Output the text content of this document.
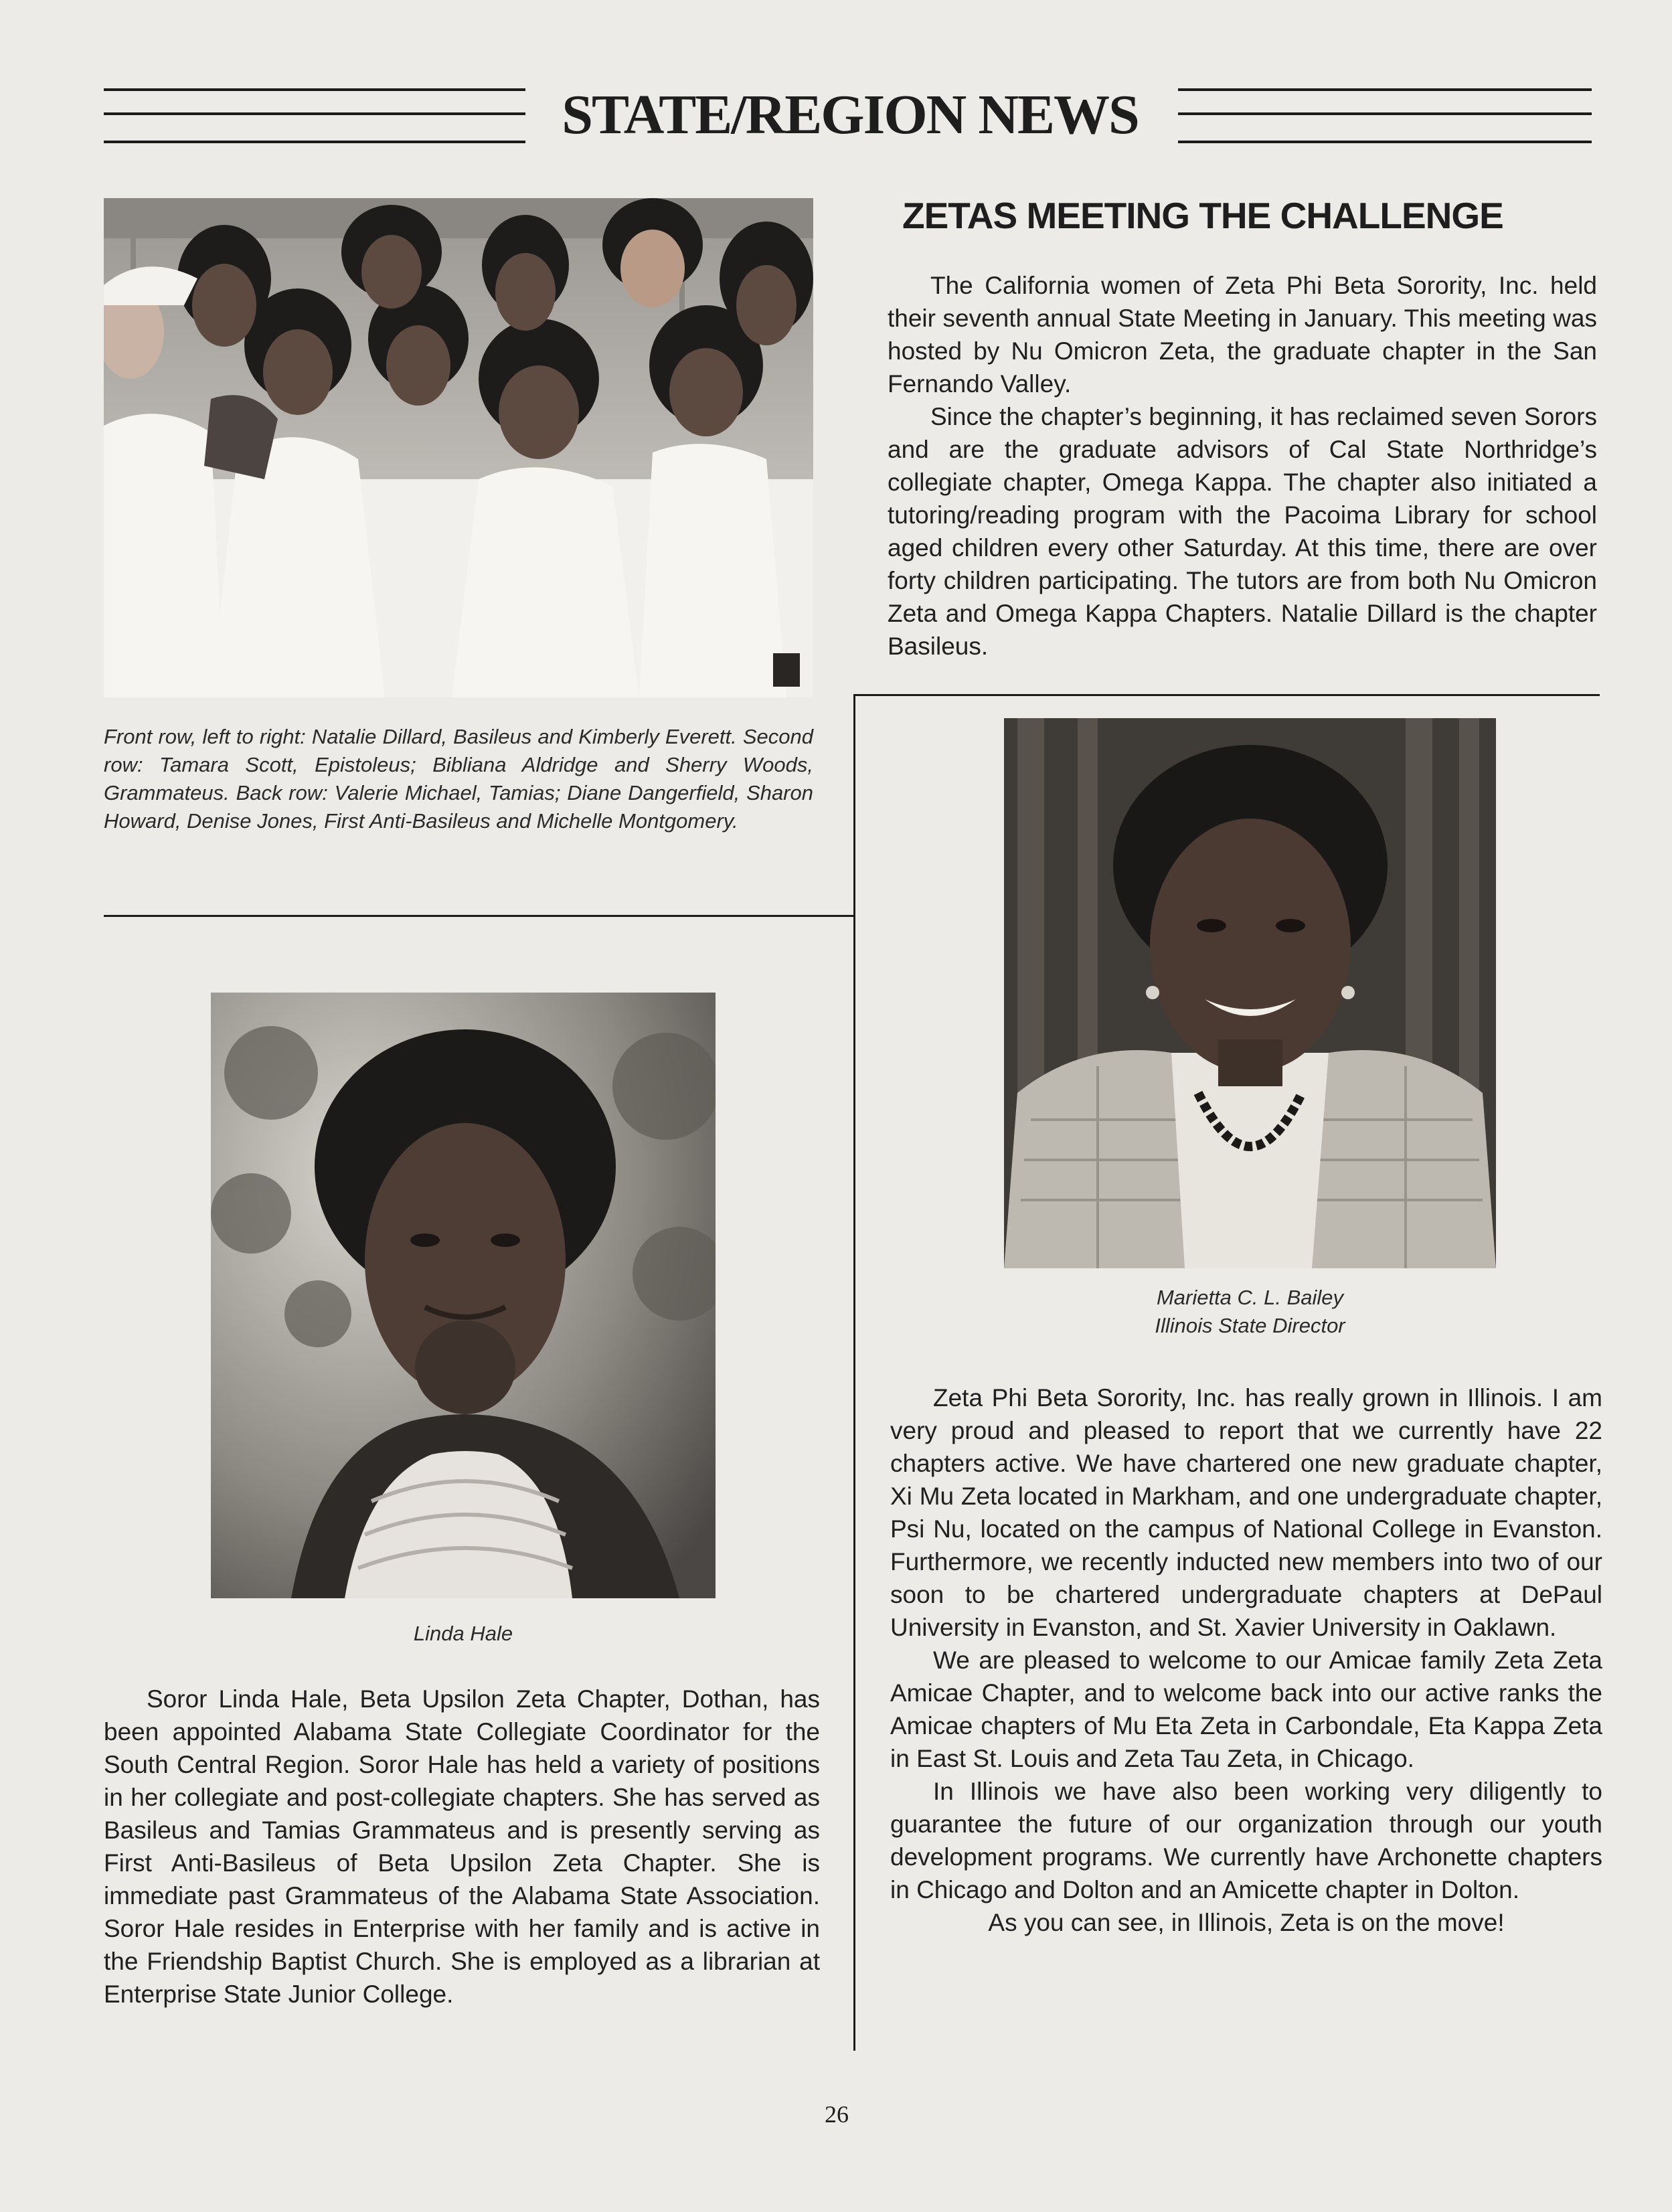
STATE/REGION NEWS
Front row, left to right: Natalie Dillard, Basileus and Kimberly Everett. Second row: Tamara Scott, Epistoleus; Bibliana Aldridge and Sherry Woods, Grammateus. Back row: Valerie Michael, Tamias; Diane Dangerfield, Sharon Howard, Denise Jones, First Anti-Basileus and Michelle Montgomery.
Linda Hale

Soror Linda Hale, Beta Upsilon Zeta Chapter, Dothan, has been appointed Alabama State Collegiate Coordinator for the South Central Region. Soror Hale has held a variety of positions in her collegiate and post-collegiate chapters. She has served as Basileus and Tamias Grammateus and is presently serving as First Anti-Basileus of Beta Upsilon Zeta Chapter. She is immediate past Grammateus of the Alabama State Association. Soror Hale resides in Enterprise with her family and is active in the Friendship Baptist Church. She is employed as a librarian at Enterprise State Junior College.

ZETAS MEETING THE CHALLENGE

The California women of Zeta Phi Beta Sorority, Inc. held their seventh annual State Meeting in January. This meeting was hosted by Nu Omicron Zeta, the graduate chapter in the San Fernando Valley.

Since the chapter’s beginning, it has reclaimed seven Sorors and are the graduate advisors of Cal State Northridge’s collegiate chapter, Omega Kappa. The chapter also initiated a tutoring/reading program with the Pacoima Library for school aged children every other Saturday. At this time, there are over forty children participating. The tutors are from both Nu Omicron Zeta and Omega Kappa Chapters. Natalie Dillard is the chapter Basileus.

Marietta C. L. Bailey
Illinois State Director

Zeta Phi Beta Sorority, Inc. has really grown in Illinois. I am very proud and pleased to report that we currently have 22 chapters active. We have chartered one new graduate chapter, Xi Mu Zeta located in Markham, and one undergraduate chapter, Psi Nu, located on the campus of National College in Evanston. Furthermore, we recently inducted new members into two of our soon to be chartered undergraduate chapters at DePaul University in Evanston, and St. Xavier University in Oaklawn.

We are pleased to welcome to our Amicae family Zeta Zeta Amicae Chapter, and to welcome back into our active ranks the Amicae chapters of Mu Eta Zeta in Carbondale, Eta Kappa Zeta in East St. Louis and Zeta Tau Zeta, in Chicago.

In Illinois we have also been working very diligently to guarantee the future of our organization through our youth development programs. We currently have Archonette chapters in Chicago and Dolton and an Amicette chapter in Dolton.

As you can see, in Illinois, Zeta is on the move!

26
